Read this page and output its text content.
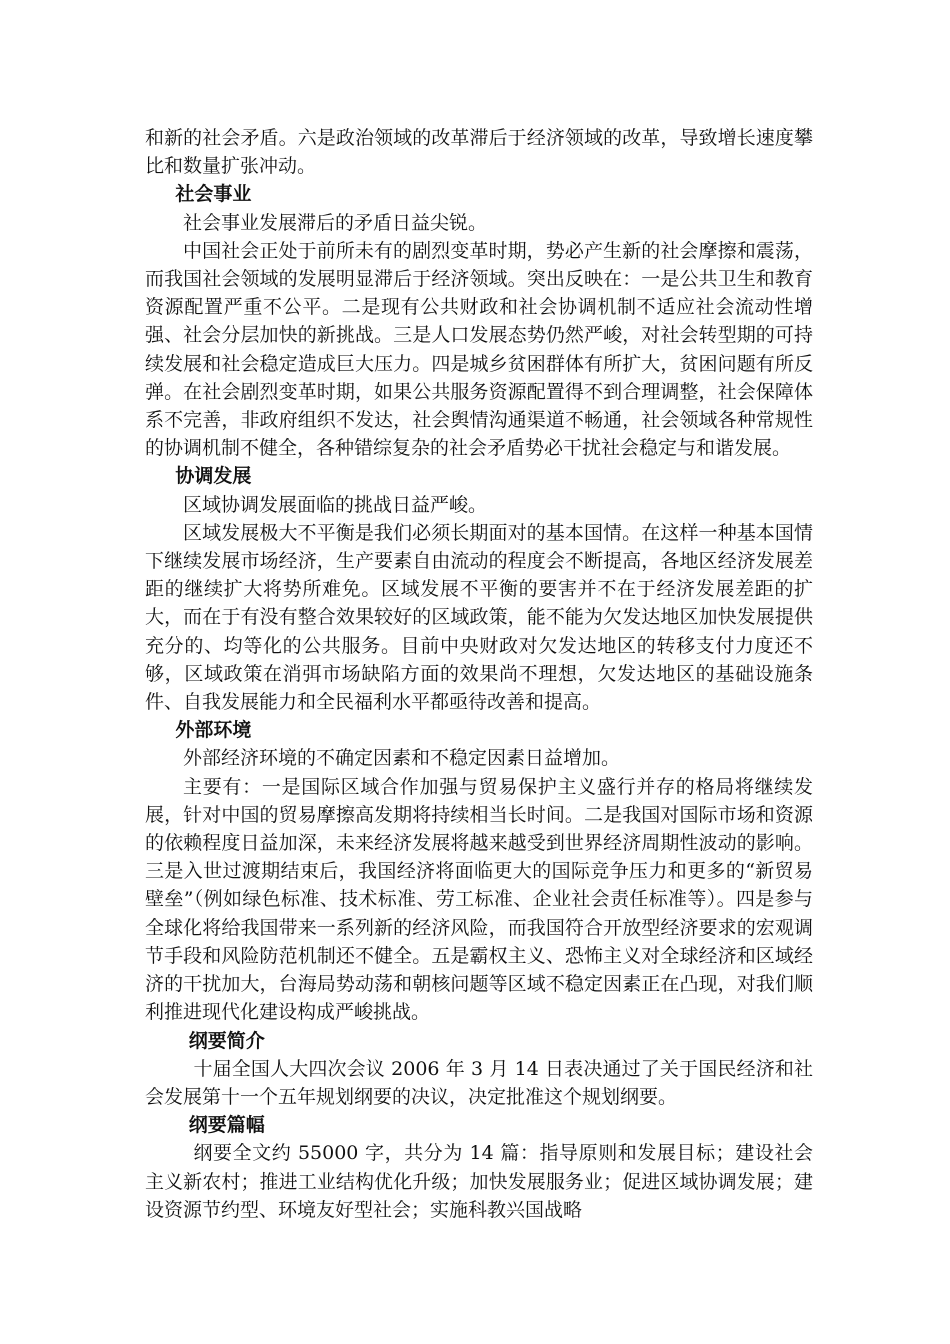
和新的社会矛盾。六是政治领域的改革滞后于经济领域的改革，导致增长速度攀比和数量扩张冲动。

社会事业

社会事业发展滞后的矛盾日益尖锐。

中国社会正处于前所未有的剧烈变革时期，势必产生新的社会摩擦和震荡，而我国社会领域的发展明显滞后于经济领域。突出反映在：一是公共卫生和教育资源配置严重不公平。二是现有公共财政和社会协调机制不适应社会流动性增强、社会分层加快的新挑战。三是人口发展态势仍然严峻，对社会转型期的可持续发展和社会稳定造成巨大压力。四是城乡贫困群体有所扩大，贫困问题有所反弹。在社会剧烈变革时期，如果公共服务资源配置得不到合理调整，社会保障体系不完善，非政府组织不发达，社会舆情沟通渠道不畅通，社会领域各种常规性的协调机制不健全，各种错综复杂的社会矛盾势必干扰社会稳定与和谐发展。

协调发展

区域协调发展面临的挑战日益严峻。

区域发展极大不平衡是我们必须长期面对的基本国情。在这样一种基本国情下继续发展市场经济，生产要素自由流动的程度会不断提高，各地区经济发展差距的继续扩大将势所难免。区域发展不平衡的要害并不在于经济发展差距的扩大，而在于有没有整合效果较好的区域政策，能不能为欠发达地区加快发展提供充分的、均等化的公共服务。目前中央财政对欠发达地区的转移支付力度还不够，区域政策在消弭市场缺陷方面的效果尚不理想，欠发达地区的基础设施条件、自我发展能力和全民福利水平都亟待改善和提高。

外部环境

外部经济环境的不确定因素和不稳定因素日益增加。

主要有：一是国际区域合作加强与贸易保护主义盛行并存的格局将继续发展，针对中国的贸易摩擦高发期将持续相当长时间。二是我国对国际市场和资源的依赖程度日益加深，未来经济发展将越来越受到世界经济周期性波动的影响。三是入世过渡期结束后，我国经济将面临更大的国际竞争压力和更多的“新贸易壁垒”（例如绿色标准、技术标准、劳工标准、企业社会责任标准等）。四是参与全球化将给我国带来一系列新的经济风险，而我国符合开放型经济要求的宏观调节手段和风险防范机制还不健全。五是霸权主义、恐怖主义对全球经济和区域经济的干扰加大，台海局势动荡和朝核问题等区域不稳定因素正在凸现，对我们顺利推进现代化建设构成严峻挑战。

纲要简介

十届全国人大四次会议 2006 年 3 月 14 日表决通过了关于国民经济和社会发展第十一个五年规划纲要的决议，决定批准这个规划纲要。

纲要篇幅

纲要全文约 55000 字，共分为 14 篇：指导原则和发展目标；建设社会主义新农村；推进工业结构优化升级；加快发展服务业；促进区域协调发展；建设资源节约型、环境友好型社会；实施科教兴国战略
